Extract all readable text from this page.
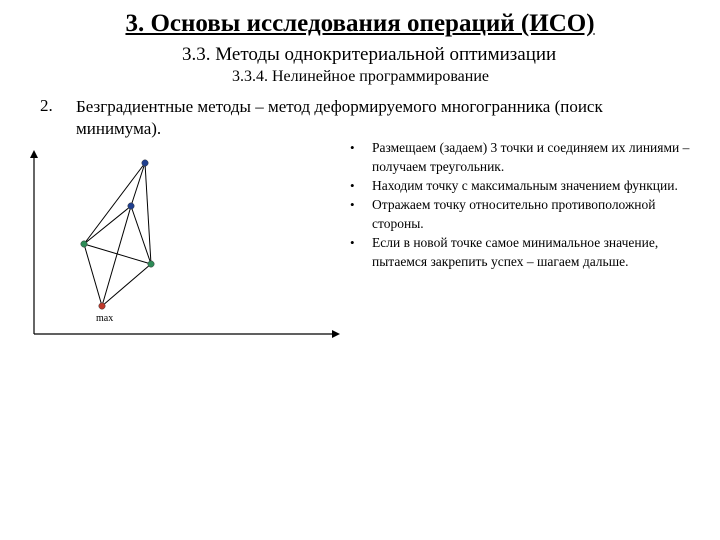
3. Основы исследования операций (ИСО)
3.3. Методы однокритериальной оптимизации
3.3.4. Нелинейное программирование
2. Безградиентные методы – метод деформируемого многогранника (поиск минимума).
max
• Размещаем (задаем) 3 точки и соединяем их линиями – получаем треугольник.
• Находим точку с максимальным значением функции.
• Отражаем точку относительно противоположной стороны.
• Если в новой точке самое минимальное значение, пытаемся закрепить успех – шагаем дальше.
